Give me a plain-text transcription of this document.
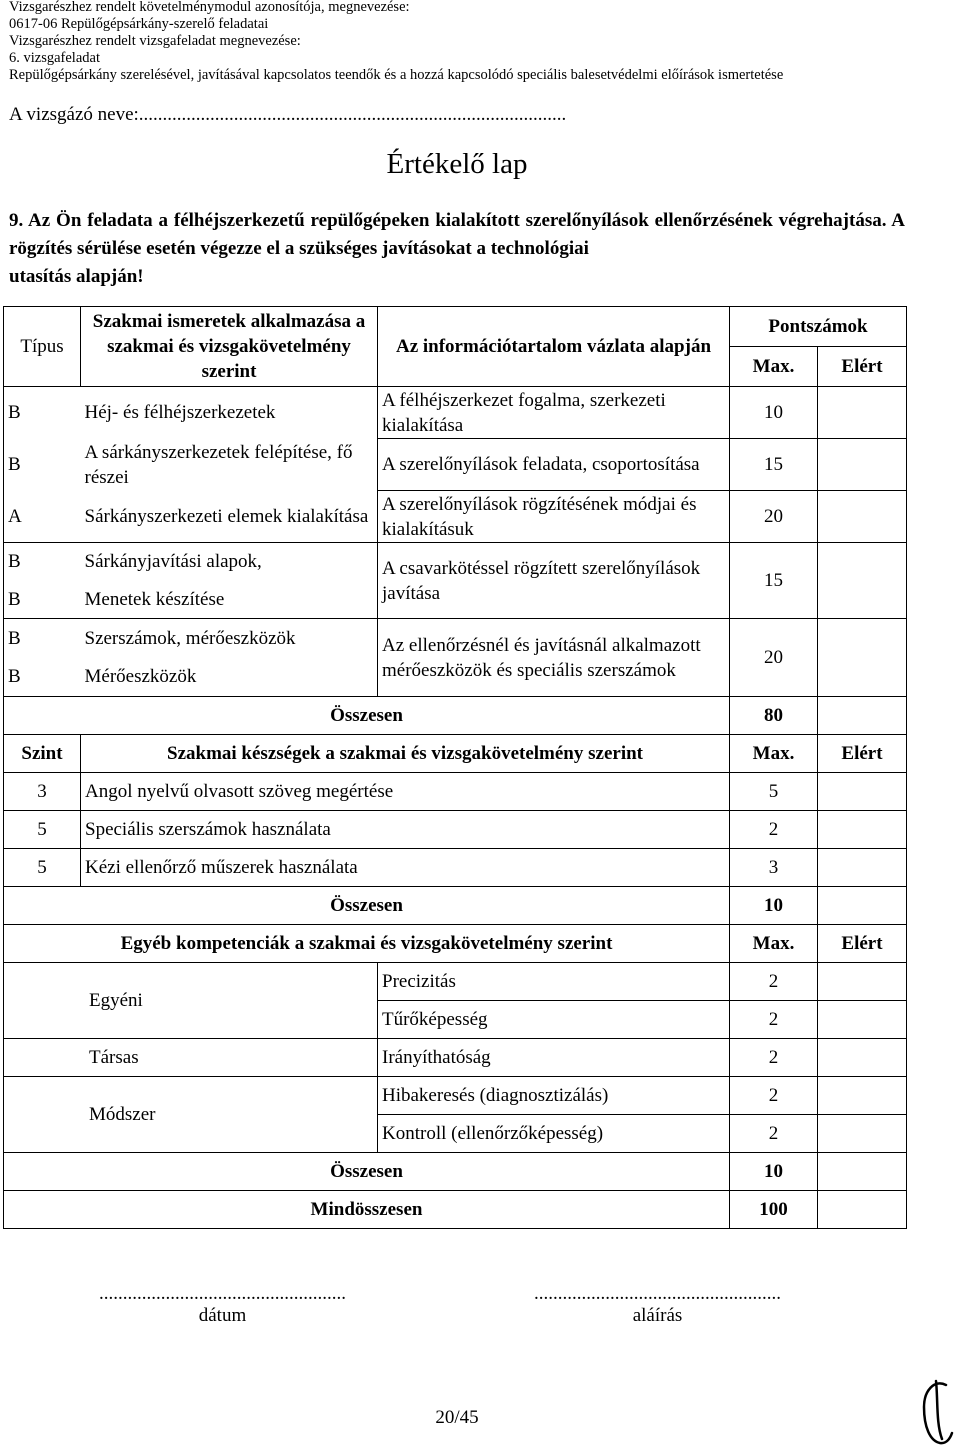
Vizsgarészhez rendelt követelménymodul azonosítója, megnevezése:
0617-06 Repülőgépsárkány-szerelő feladatai
Vizsgarészhez rendelt vizsgafeladat megnevezése:
6. vizsgafeladat
Repülőgépsárkány szerelésével, javításával kapcsolatos teendők és a hozzá kapcsolódó speciális balesetvédelmi előírások ismertetése
A vizsgázó neve:..........................................................................................
Értékelő lap
9. Az Ön feladata a félhéjszerkezetű repülőgépeken kialakított szerelőnyílások ellenőrzésének végrehajtása. A rögzítés sérülése esetén végezze el a szükséges javításokat a technológiai
utasítás alapján!
Típus	Szakmai ismeretek alkalmazása a szakmai és vizsgakövetelmény szerint	Az információtartalom vázlata alapján	Pontszámok	
			Max.	Elért
B	Héj- és félhéjszerkezetek	A félhéjszerkezet fogalma, szerkezeti kialakítása	10	
B	A sárkányszerkezetek felépítése, fő részei	A szerelőnyílások feladata, csoportosítása	15	
A	Sárkányszerkezeti elemek kialakítása	A szerelőnyílások rögzítésének módjai és kialakításuk	20	
B	Sárkányjavítási alapok,	A csavarkötéssel rögzített szerelőnyílások javítása	15	
B	Menetek készítése			
B	Szerszámok, mérőeszközök	Az ellenőrzésnél és javításnál alkalmazott mérőeszközök és speciális szerszámok	20	
B	Mérőeszközök			
Összesen			80	
Szint	Szakmai készségek a szakmai és vizsgakövetelmény szerint		Max.	Elért
3	Angol nyelvű olvasott szöveg megértése		5	
5	Speciális szerszámok használata		2	
5	Kézi ellenőrző műszerek használata		3	
Összesen			10	
Egyéb kompetenciák a szakmai és vizsgakövetelmény szerint			Max.	Elért
Egyéni		Precizitás	2	
		Tűrőképesség	2	
Társas		Irányíthatóság	2	
Módszer		Hibakeresés (diagnosztizálás)	2	
		Kontroll (ellenőrzőképesség)	2	
Összesen			10	
Mindösszesen			100	
....................................................
dátum
....................................................
aláírás
20/45
